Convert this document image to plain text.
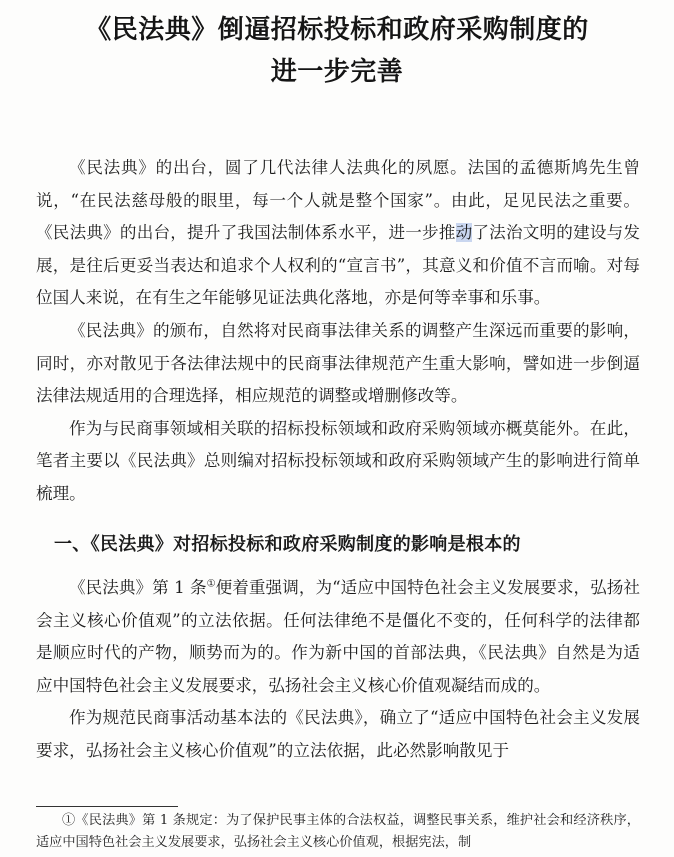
《民法典》倒逼招标投标和政府采购制度的
进一步完善

《民法典》的出台，圆了几代法律人法典化的夙愿。法国的孟德斯鸠先生曾说，“在民法慈母般的眼里，每一个人就是整个国家”。由此，足见民法之重要。《民法典》的出台，提升了我国法制体系水平，进一步推动了法治文明的建设与发展，是往后更妥当表达和追求个人权利的“宣言书”，其意义和价值不言而喻。对每位国人来说，在有生之年能够见证法典化落地，亦是何等幸事和乐事。

《民法典》的颁布，自然将对民商事法律关系的调整产生深远而重要的影响，同时，亦对散见于各法律法规中的民商事法律规范产生重大影响，譬如进一步倒逼法律法规适用的合理选择，相应规范的调整或增删修改等。

作为与民商事领域相关联的招标投标领域和政府采购领域亦概莫能外。在此，笔者主要以《民法典》总则编对招标投标领域和政府采购领域产生的影响进行简单梳理。

一、《民法典》对招标投标和政府采购制度的影响是根本的

《民法典》第 1 条①便着重强调，为“适应中国特色社会主义发展要求，弘扬社会主义核心价值观”的立法依据。任何法律绝不是僵化不变的，任何科学的法律都是顺应时代的产物，顺势而为的。作为新中国的首部法典，《民法典》自然是为适应中国特色社会主义发展要求，弘扬社会主义核心价值观凝结而成的。

作为规范民商事活动基本法的《民法典》，确立了“适应中国特色社会主义发展要求，弘扬社会主义核心价值观”的立法依据，此必然影响散见于

①《民法典》第 1 条规定：为了保护民事主体的合法权益，调整民事关系，维护社会和经济秩序，适应中国特色社会主义发展要求，弘扬社会主义核心价值观，根据宪法，制
